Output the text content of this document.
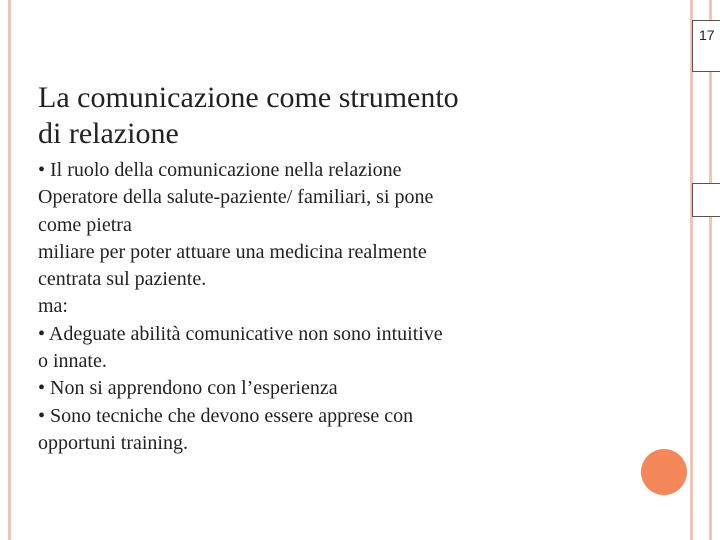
17
La comunicazione come strumento
di relazione
• Il ruolo della comunicazione nella relazione
Operatore della salute-paziente/ familiari, si pone
come pietra
miliare per poter attuare una medicina realmente
centrata sul paziente.
ma:
• Adeguate abilità comunicative non sono intuitive
o innate.
• Non si apprendono con l’esperienza
• Sono tecniche che devono essere apprese con
opportuni training.
